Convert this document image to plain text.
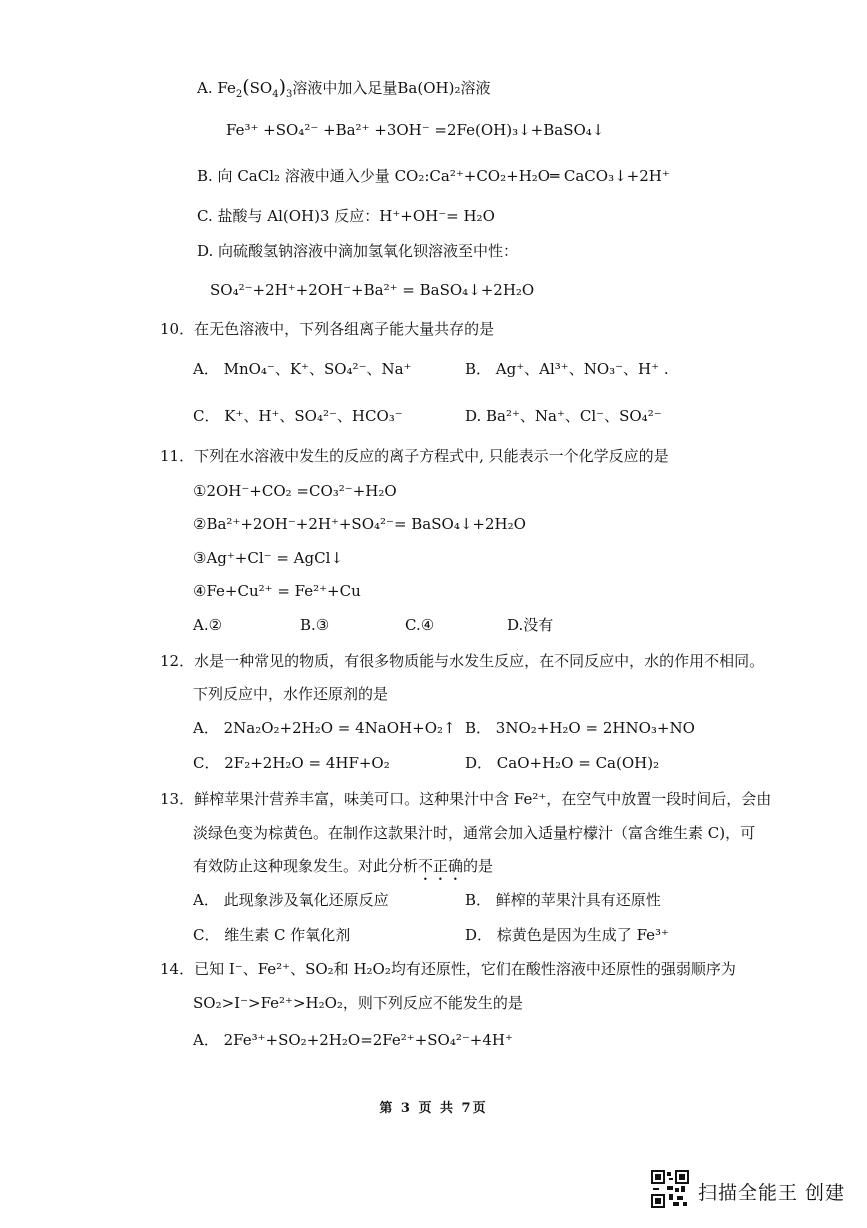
A. $Fe_2(SO_4)_3$溶液中加入足量Ba(OH)₂溶液
Fe³⁺ +SO₄²⁻ +Ba²⁺ +3OH⁻ =2Fe(OH)₃↓+BaSO₄↓
B. 向 CaCl₂ 溶液中通入少量 CO₂:Ca²⁺+CO₂+H₂O═ CaCO₃↓+2H⁺
C. 盐酸与 Al(OH)3 反应：H⁺+OH⁻= H₂O
D. 向硫酸氢钠溶液中滴加氢氧化钡溶液至中性：
SO₄²⁻+2H⁺+2OH⁻+Ba²⁺ = BaSO₄↓+2H₂O
10．在无色溶液中，下列各组离子能大量共存的是
A． MnO₄⁻、K⁺、SO₄²⁻、Na⁺	B． Ag⁺、Al³⁺、NO₃⁻、H⁺ .
C． K⁺、H⁺、SO₄²⁻、HCO₃⁻	D. Ba²⁺、Na⁺、Cl⁻、SO₄²⁻
11．下列在水溶液中发生的反应的离子方程式中, 只能表示一个化学反应的是
①2OH⁻+CO₂ =CO₃²⁻+H₂O
②Ba²⁺+2OH⁻+2H⁺+SO₄²⁻= BaSO₄↓+2H₂O
③Ag⁺+Cl⁻ = AgCl↓
④Fe+Cu²⁺ = Fe²⁺+Cu
A.②	B.③	C.④	D.没有
12．水是一种常见的物质，有很多物质能与水发生反应，在不同反应中，水的作用不相同。
下列反应中，水作还原剂的是
A． 2Na₂O₂+2H₂O = 4NaOH+O₂↑ B． 3NO₂+H₂O = 2HNO₃+NO
C． 2F₂+2H₂O = 4HF+O₂	D． CaO+H₂O = Ca(OH)₂
13．鲜榨苹果汁营养丰富，味美可口。这种果汁中含 Fe²⁺，在空气中放置一段时间后，会由
淡绿色变为棕黄色。在制作这款果汁时，通常会加入适量柠檬汁（富含维生素 C)，可
有效防止这种现象发生。对此分析不正确的是
A． 此现象涉及氧化还原反应	B． 鲜榨的苹果汁具有还原性
C． 维生素 C 作氧化剂	D． 棕黄色是因为生成了 Fe³⁺
14．已知 I⁻、Fe²⁺、SO₂和 H₂O₂均有还原性，它们在酸性溶液中还原性的强弱顺序为
SO₂>I⁻>Fe²⁺>H₂O₂，则下列反应不能发生的是
A． 2Fe³⁺+SO₂+2H₂O=2Fe²⁺+SO₄²⁻+4H⁺
第 3 页 共 7页
扫描全能王 创建
